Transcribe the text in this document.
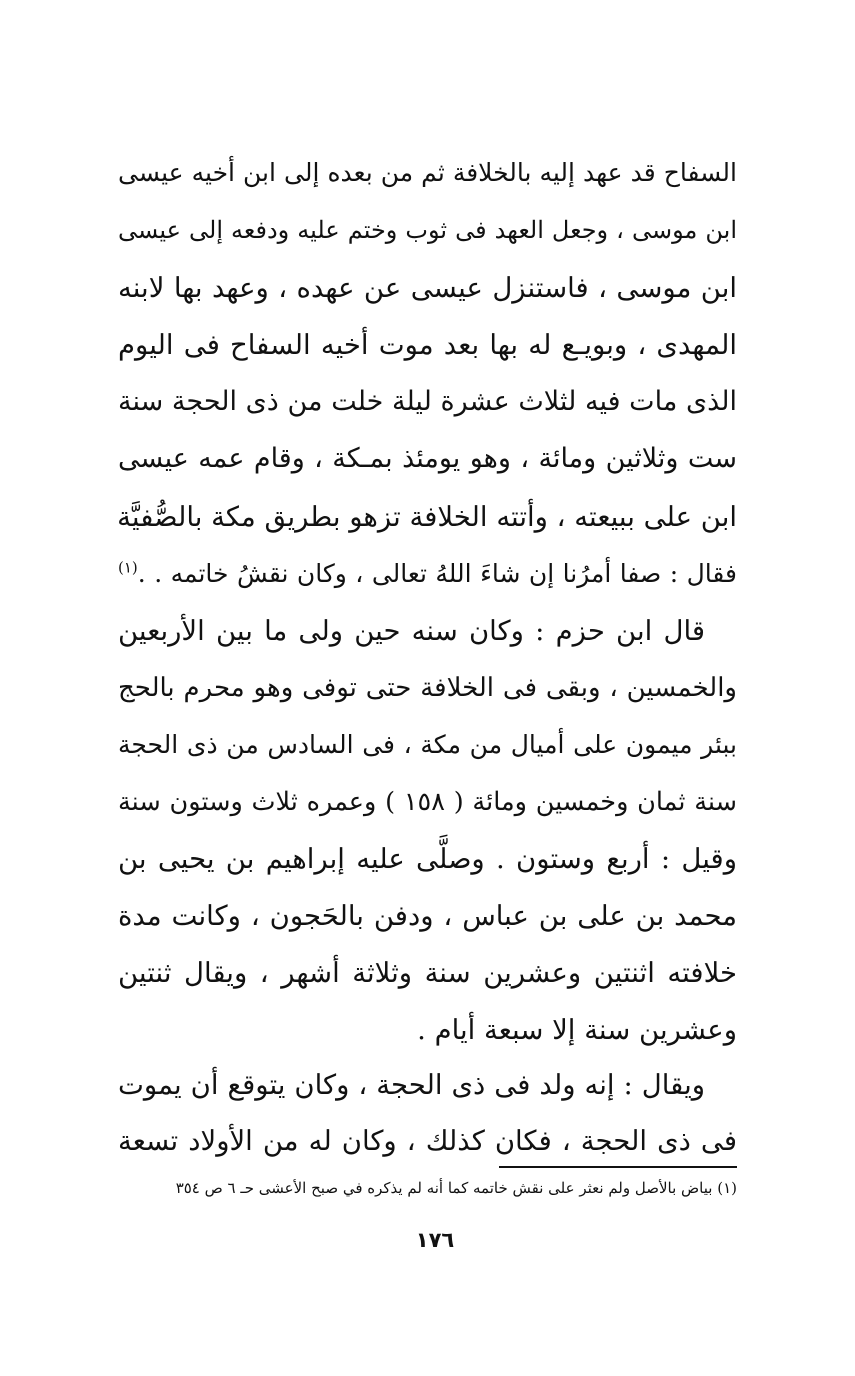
السفاح قد عهد إليه بالخلافة ثم من بعده إلى ابن أخيه عيسى
ابن موسى ، وجعل العهد فى ثوب وختم عليه ودفعه إلى عيسى
ابن موسى ، فاستنزل عيسى عن عهده ، وعهد بها لابنه
المهدى ، وبويـع له بها بعد موت أخيه السفاح فى اليوم
الذى مات فيه لثلاث عشرة ليلة خلت من ذى الحجة سنة
ست وثلاثين ومائة ، وهو يومئذ بمـكة ، وقام عمه عيسى
ابن على ببيعته ، وأتته الخلافة تزهو بطريق مكة بالصُّفيَّة
فقال : صفا أمرُنا إن شاءَ اللهُ تعالى ، وكان نقشُ خاتمه . .$^{(١)}$
قال ابن حزم : وكان سنه حين ولى ما بين الأربعين
والخمسين ، وبقى فى الخلافة حتى توفى وهو محرم بالحج
ببئر ميمون على أميال من مكة ، فى السادس من ذى الحجة
سنة ثمان وخمسين ومائة ( ١٥٨ ) وعمره ثلاث وستون سنة
وقيل : أربع وستون . وصلَّى عليه إبراهيم بن يحيى بن
محمد بن على بن عباس ، ودفن بالحَجون ، وكانت مدة
خلافته اثنتين وعشرين سنة وثلاثة أشهر ، ويقال ثنتين
وعشرين سنة إلا سبعة أيام .
ويقال : إنه ولد فى ذى الحجة ، وكان يتوقع أن يموت
فى ذى الحجة ، فكان كذلك ، وكان له من الأولاد تسعة
(١) بياض بالأصل ولم نعثر على نقش خاتمه كما أنه لم يذكره في صبح الأعشى حـ ٦ ص ٣٥٤
١٧٦
